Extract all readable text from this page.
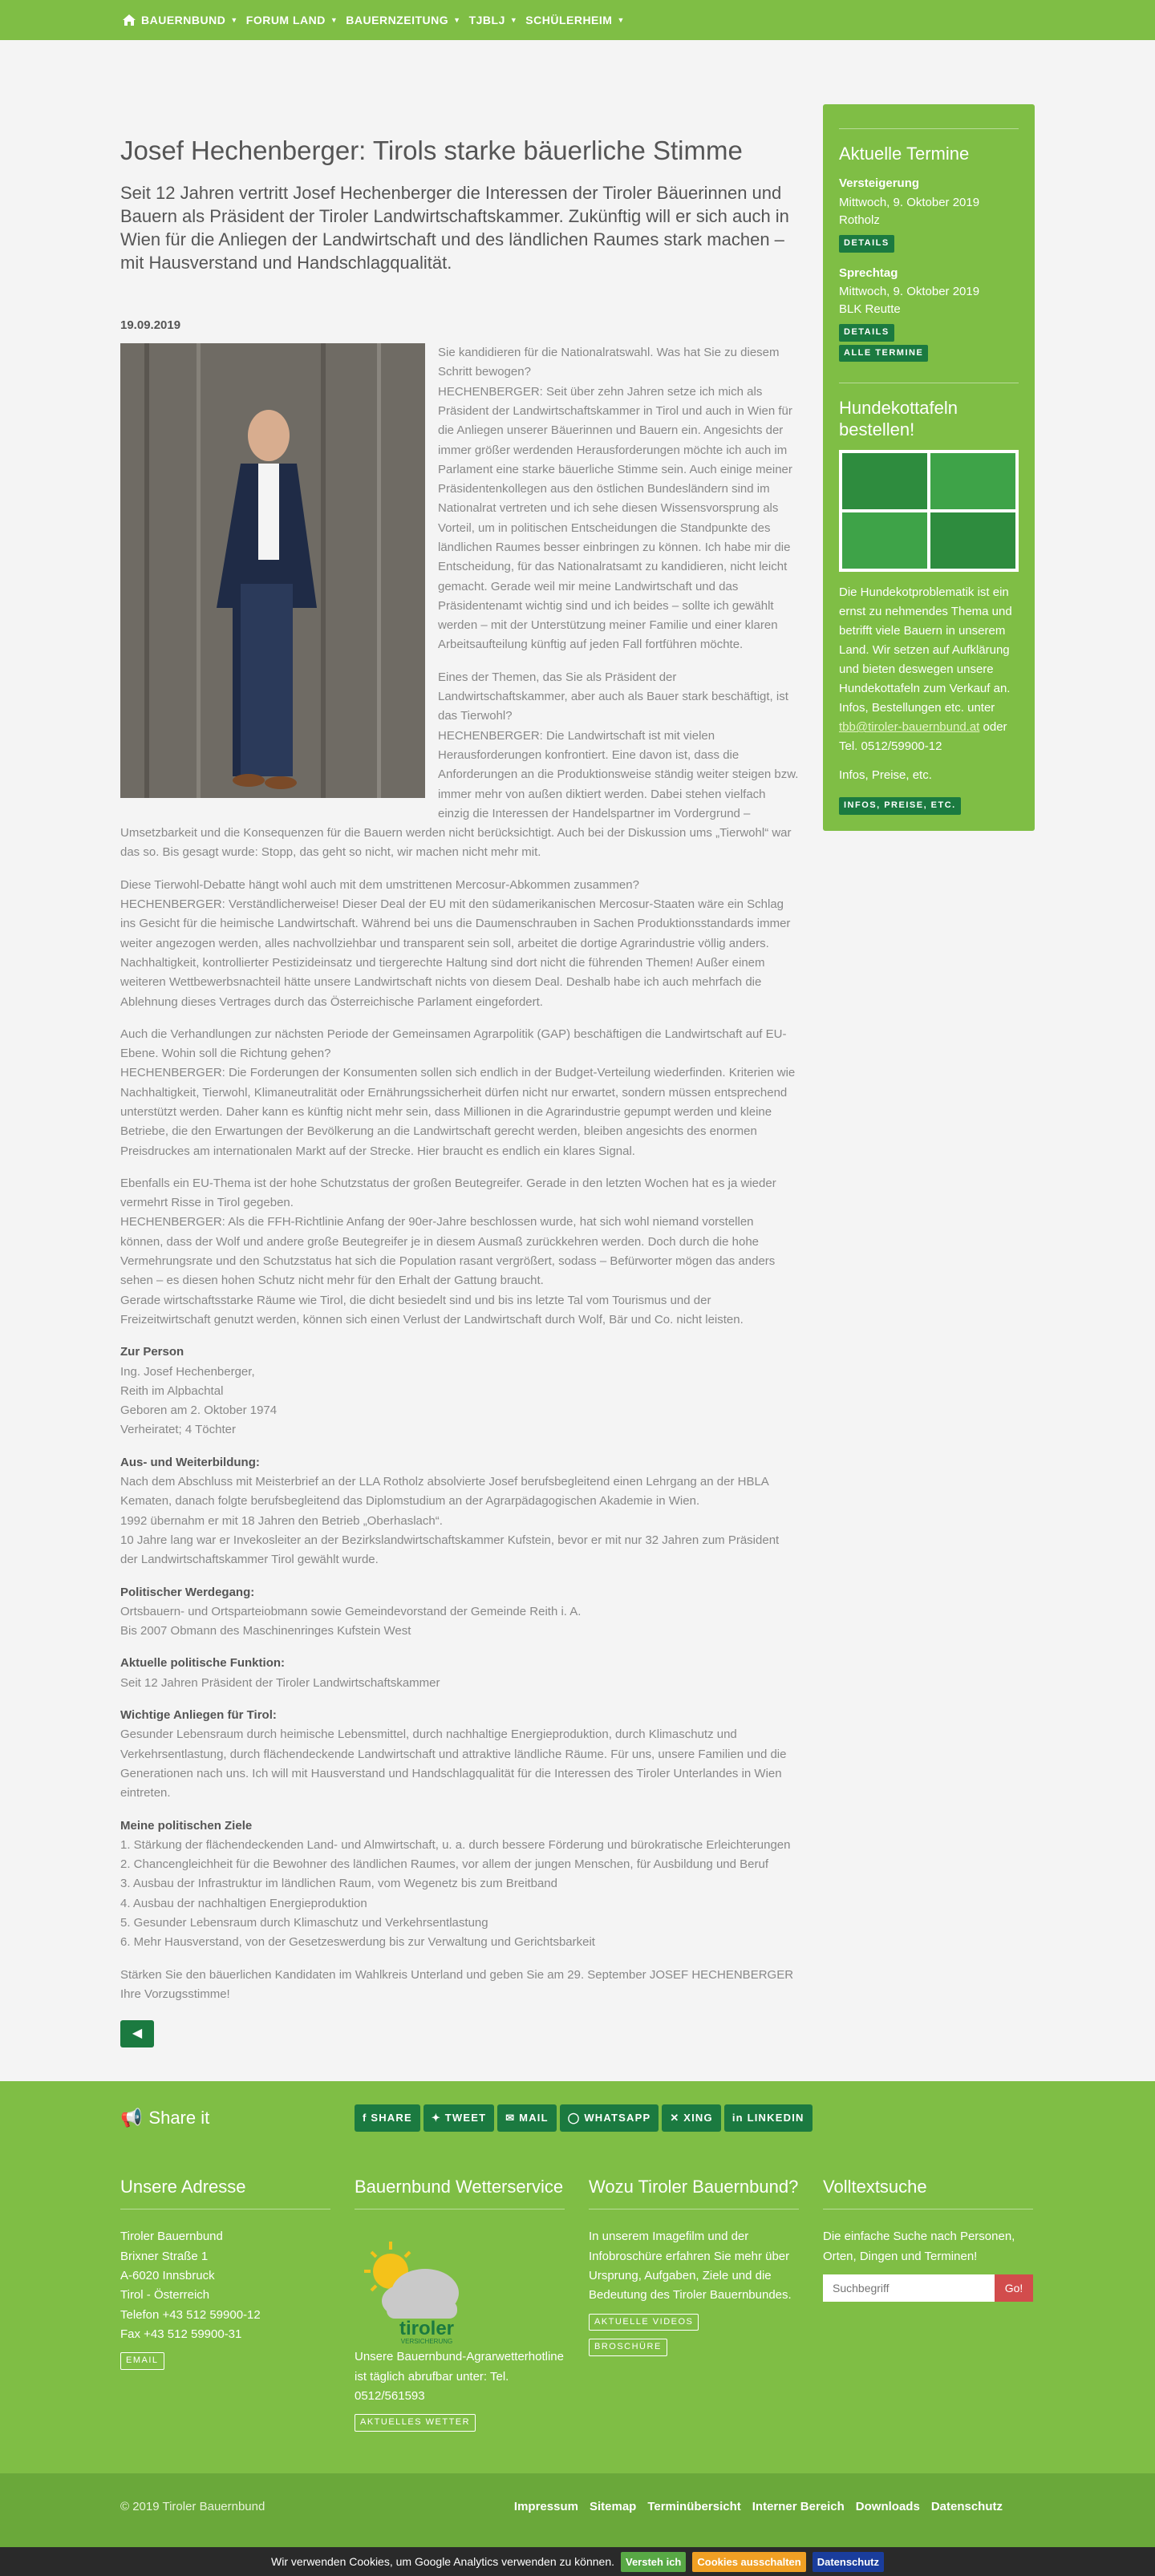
BAUERNBUND ▼ FORUM LAND ▼ BAUERNZEITUNG ▼ TJBLJ ▼ SCHÜLERHEIM ▼
Josef Hechenberger: Tirols starke bäuerliche Stimme
Seit 12 Jahren vertritt Josef Hechenberger die Interessen der Tiroler Bäuerinnen und Bauern als Präsident der Tiroler Landwirtschaftskammer. Zukünftig will er sich auch in Wien für die Anliegen der Landwirtschaft und des ländlichen Raumes stark machen – mit Hausverstand und Handschlagqualität.
19.09.2019

Sie kandidieren für die Nationalratswahl. Was hat Sie zu diesem Schritt bewogen?
HECHENBERGER: Seit über zehn Jahren setze ich mich als Präsident der Landwirtschaftskammer in Tirol und auch in Wien für die Anliegen unserer Bäuerinnen und Bauern ein. Angesichts der immer größer werdenden Herausforderungen möchte ich auch im Parlament eine starke bäuerliche Stimme sein. Auch einige meiner Präsidentenkollegen aus den östlichen Bundesländern sind im Nationalrat vertreten und ich sehe diesen Wissensvorsprung als Vorteil, um in politischen Entscheidungen die Standpunkte des ländlichen Raumes besser einbringen zu können. Ich habe mir die Entscheidung, für das Nationalratsamt zu kandidieren, nicht leicht gemacht. Gerade weil mir meine Landwirtschaft und das Präsidentenamt wichtig sind und ich beides – sollte ich gewählt werden – mit der Unterstützung meiner Familie und einer klaren Arbeitsaufteilung künftig auf jeden Fall fortführen möchte.

Eines der Themen, das Sie als Präsident der Landwirtschaftskammer, aber auch als Bauer stark beschäftigt, ist das Tierwohl?
HECHENBERGER: Die Landwirtschaft ist mit vielen Herausforderungen konfrontiert. Eine davon ist, dass die Anforderungen an die Produktionsweise ständig weiter steigen bzw. immer mehr von außen diktiert werden. Dabei stehen vielfach einzig die Interessen der Handelspartner im Vordergrund – Umsetzbarkeit und die Konsequenzen für die Bauern werden nicht berücksichtigt. Auch bei der Diskussion ums „Tierwohl“ war das so. Bis gesagt wurde: Stopp, das geht so nicht, wir machen nicht mehr mit.

Diese Tierwohl-Debatte hängt wohl auch mit dem umstrittenen Mercosur-Abkommen zusammen?
HECHENBERGER: Verständlicherweise! Dieser Deal der EU mit den südamerikanischen Mercosur-Staaten wäre ein Schlag ins Gesicht für die heimische Landwirtschaft. Während bei uns die Daumenschrauben in Sachen Produktionsstandards immer weiter angezogen werden, alles nachvollziehbar und transparent sein soll, arbeitet die dortige Agrarindustrie völlig anders. Nachhaltigkeit, kontrollierter Pestizideinsatz und tiergerechte Haltung sind dort nicht die führenden Themen! Außer einem weiteren Wettbewerbsnachteil hätte unsere Landwirtschaft nichts von diesem Deal. Deshalb habe ich auch mehrfach die Ablehnung dieses Vertrages durch das Österreichische Parlament eingefordert.

Auch die Verhandlungen zur nächsten Periode der Gemeinsamen Agrarpolitik (GAP) beschäftigen die Landwirtschaft auf EU-Ebene. Wohin soll die Richtung gehen?
HECHENBERGER: Die Forderungen der Konsumenten sollen sich endlich in der Budget-Verteilung wiederfinden. Kriterien wie Nachhaltigkeit, Tierwohl, Klimaneutralität oder Ernährungssicherheit dürfen nicht nur erwartet, sondern müssen entsprechend unterstützt werden. Daher kann es künftig nicht mehr sein, dass Millionen in die Agrarindustrie gepumpt werden und kleine Betriebe, die den Erwartungen der Bevölkerung an die Landwirtschaft gerecht werden, bleiben angesichts des enormen Preisdruckes am internationalen Markt auf der Strecke. Hier braucht es endlich ein klares Signal.

Ebenfalls ein EU-Thema ist der hohe Schutzstatus der großen Beutegreifer. Gerade in den letzten Wochen hat es ja wieder vermehrt Risse in Tirol gegeben.
HECHENBERGER: Als die FFH-Richtlinie Anfang der 90er-Jahre beschlossen wurde, hat sich wohl niemand vorstellen können, dass der Wolf und andere große Beutegreifer je in diesem Ausmaß zurückkehren werden. Doch durch die hohe Vermehrungsrate und den Schutzstatus hat sich die Population rasant vergrößert, sodass – Befürworter mögen das anders sehen – es diesen hohen Schutz nicht mehr für den Erhalt der Gattung braucht.
Gerade wirtschaftsstarke Räume wie Tirol, die dicht besiedelt sind und bis ins letzte Tal vom Tourismus und der Freizeitwirtschaft genutzt werden, können sich einen Verlust der Landwirtschaft durch Wolf, Bär und Co. nicht leisten.

Zur Person
Ing. Josef Hechenberger,
Reith im Alpbachtal
Geboren am 2. Oktober 1974
Verheiratet; 4 Töchter
Aus- und Weiterbildung:
Nach dem Abschluss mit Meisterbrief an der LLA Rotholz absolvierte Josef berufsbegleitend einen Lehrgang an der HBLA Kematen, danach folgte berufsbegleitend das Diplomstudium an der Agrarpädagogischen Akademie in Wien.
1992 übernahm er mit 18 Jahren den Betrieb „Oberhaslach“.
10 Jahre lang war er Invekosleiter an der Bezirkslandwirtschaftskammer Kufstein, bevor er mit nur 32 Jahren zum Präsident der Landwirtschaftskammer Tirol gewählt wurde.
Politischer Werdegang:
Ortsbauern- und Ortsparteiobmann sowie Gemeindevorstand der Gemeinde Reith i. A.
Bis 2007 Obmann des Maschinenringes Kufstein West
Aktuelle politische Funktion:
Seit 12 Jahren Präsident der Tiroler Landwirtschaftskammer
Wichtige Anliegen für Tirol:
Gesunder Lebensraum durch heimische Lebensmittel, durch nachhaltige Energieproduktion, durch Klimaschutz und Verkehrsentlastung, durch flächendeckende Landwirtschaft und attraktive ländliche Räume. Für uns, unsere Familien und die Generationen nach uns. Ich will mit Hausverstand und Handschlagqualität für die Interessen des Tiroler Unterlandes in Wien eintreten.
Meine politischen Ziele
1. Stärkung der flächendeckenden Land- und Almwirtschaft, u. a. durch bessere Förderung und bürokratische Erleichterungen
2. Chancengleichheit für die Bewohner des ländlichen Raumes, vor allem der jungen Menschen, für Ausbildung und Beruf
3. Ausbau der Infrastruktur im ländlichen Raum, vom Wegenetz bis zum Breitband
4. Ausbau der nachhaltigen Energieproduktion
5. Gesunder Lebensraum durch Klimaschutz und Verkehrsentlastung
6. Mehr Hausverstand, von der Gesetzeswerdung bis zur Verwaltung und Gerichtsbarkeit

Stärken Sie den bäuerlichen Kandidaten im Wahlkreis Unterland und geben Sie am 29. September JOSEF HECHENBERGER Ihre Vorzugsstimme!

◀
Aktuelle Termine
Versteigerung
Mittwoch, 9. Oktober 2019
Rotholz
DETAILS
Sprechtag
Mittwoch, 9. Oktober 2019
BLK Reutte
DETAILS
ALLE TERMINE
Hundekottafeln bestellen!
Die Hundekotproblematik ist ein ernst zu nehmendes Thema und betrifft viele Bauern in unserem Land. Wir setzen auf Aufklärung und bieten deswegen unsere Hundekottafeln zum Verkauf an. Infos, Bestellungen etc. unter tbb@tiroler-bauernbund.at oder Tel. 0512/59900-12
Infos, Preise, etc.
INFOS, PREISE, ETC.
📢 Share it	f SHARE	✦ TWEET	✉ MAIL	◯ WHATSAPP	✕ XING	in LINKEDIN
Unsere Adresse

Tiroler Bauernbund
Brixner Straße 1
A-6020 Innsbruck
Tirol - Österreich
Telefon +43 512 59900-12
Fax +43 512 59900-31

EMAIL
Bauernbund Wetterservice
tiroler
VERSICHERUNG

Unsere Bauernbund-Agrarwetterhotline ist täglich abrufbar unter: Tel. 0512/561593

AKTUELLES WETTER
Wozu Tiroler Bauernbund?

In unserem Imagefilm und der Infobroschüre erfahren Sie mehr über Ursprung, Aufgaben, Ziele und die Bedeutung des Tiroler Bauernbundes.

AKTUELLE VIDEOS
BROSCHÜRE
Volltextsuche

Die einfache Suche nach Personen, Orten, Dingen und Terminen!

Suchbegriff
Go!
© 2019 Tiroler Bauernbund	Impressum Sitemap Terminübersicht Interner Bereich Downloads Datenschutz
Wir verwenden Cookies, um Google Analytics verwenden zu können.	Versteh ich	Cookies ausschalten	Datenschutz
